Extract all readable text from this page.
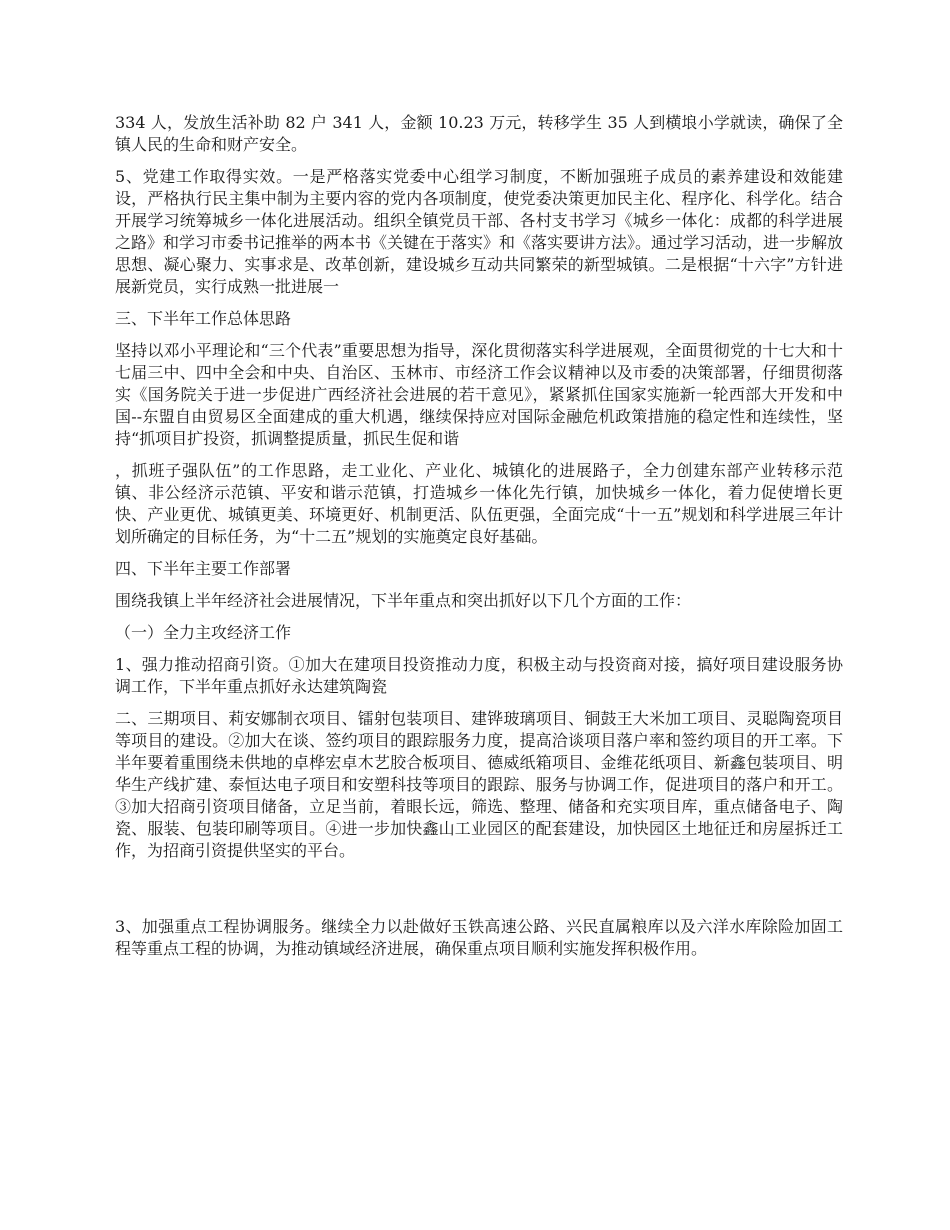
334 人，发放生活补助 82 户 341 人，金额 10.23 万元，转移学生 35 人到横埌小学就读，确保了全镇人民的生命和财产安全。

5、党建工作取得实效。一是严格落实党委中心组学习制度，不断加强班子成员的素养建设和效能建设，严格执行民主集中制为主要内容的党内各项制度，使党委决策更加民主化、程序化、科学化。结合开展学习统筹城乡一体化进展活动。组织全镇党员干部、各村支书学习《城乡一体化：成都的科学进展之路》和学习市委书记推举的两本书《关键在于落实》和《落实要讲方法》。通过学习活动，进一步解放思想、凝心聚力、实事求是、改革创新，建设城乡互动共同繁荣的新型城镇。二是根据“十六字”方针进展新党员，实行成熟一批进展一

三、下半年工作总体思路

坚持以邓小平理论和“三个代表”重要思想为指导，深化贯彻落实科学进展观，全面贯彻党的十七大和十七届三中、四中全会和中央、自治区、玉林市、市经济工作会议精神以及市委的决策部署，仔细贯彻落实《国务院关于进一步促进广西经济社会进展的若干意见》，紧紧抓住国家实施新一轮西部大开发和中国--东盟自由贸易区全面建成的重大机遇，继续保持应对国际金融危机政策措施的稳定性和连续性，坚持“抓项目扩投资，抓调整提质量，抓民生促和谐

，抓班子强队伍”的工作思路，走工业化、产业化、城镇化的进展路子，全力创建东部产业转移示范镇、非公经济示范镇、平安和谐示范镇，打造城乡一体化先行镇，加快城乡一体化，着力促使增长更快、产业更优、城镇更美、环境更好、机制更活、队伍更强，全面完成“十一五”规划和科学进展三年计划所确定的目标任务，为“十二五”规划的实施奠定良好基础。

四、下半年主要工作部署

围绕我镇上半年经济社会进展情况，下半年重点和突出抓好以下几个方面的工作：

（一）全力主攻经济工作

1、强力推动招商引资。①加大在建项目投资推动力度，积极主动与投资商对接，搞好项目建设服务协调工作，下半年重点抓好永达建筑陶瓷

二、三期项目、莉安娜制衣项目、镭射包装项目、建铧玻璃项目、铜鼓王大米加工项目、灵聪陶瓷项目等项目的建设。②加大在谈、签约项目的跟踪服务力度，提高洽谈项目落户率和签约项目的开工率。下半年要着重围绕未供地的卓桦宏卓木艺胶合板项目、德威纸箱项目、金维花纸项目、新鑫包装项目、明华生产线扩建、泰恒达电子项目和安塑科技等项目的跟踪、服务与协调工作，促进项目的落户和开工。③加大招商引资项目储备，立足当前，着眼长远，筛选、整理、储备和充实项目库，重点储备电子、陶瓷、服装、包装印刷等项目。④进一步加快鑫山工业园区的配套建设，加快园区土地征迁和房屋拆迁工作，为招商引资提供坚实的平台。

3、加强重点工程协调服务。继续全力以赴做好玉铁高速公路、兴民直属粮库以及六洋水库除险加固工程等重点工程的协调，为推动镇域经济进展，确保重点项目顺利实施发挥积极作用。
